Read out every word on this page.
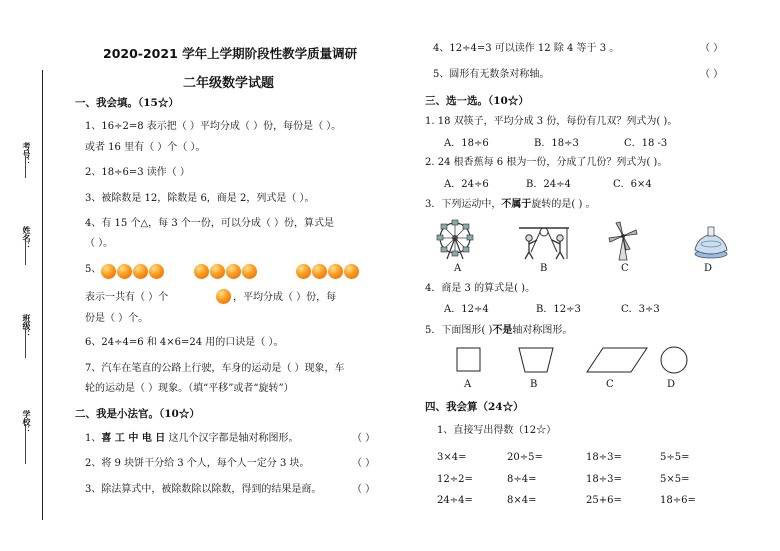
考号：
姓名：
班级：
学校：
2020-2021 学年上学期阶段性教学质量调研
二年级数学试题
一、我会填。（15☆）
1、16÷2=8 表示把（ ）平均分成（ ）份，每份是（ ）。
或者 16 里有（ ）个（ ）。
2、18÷6=3 读作（ ）
3、被除数是 12，除数是 6，商是 2，列式是（ ）。
4、有 15 个△，每 3 个一份，可以分成（ ）份，算式是
（ ）。
5、
表示一共有（ ）个	，平均分成（ ）份，每
份是（ ）个。
6、24÷4=6 和 4×6=24 用的口诀是（ ）。
7、汽车在笔直的公路上行驶，车身的运动是（ ）现象，车
轮的运动是（ ）现象。（填“平移”或者“旋转”）
二、我是小法官。（10☆）
1、喜 工 中 电 日 这几个汉字都是轴对称图形。	（ ）
2、将 9 块饼干分给 3 个人，每个人一定分 3 块。	（ ）
3、除法算式中，被除数除以除数，得到的结果是商。	（ ）
4、12÷4=3 可以读作 12 除 4 等于 3 。	（ ）
5、圆形有无数条对称轴。	（ ）
三、选一选。（10☆）
1. 18 双筷子，平均分成 3 份，每份有几双？列式为( )。
A．18÷6	B．18÷3	C．18 -3
2. 24 根香蕉每 6 根为一份，分成了几份？列式为( )。
A．24÷6	B．24÷4	C．6×4
3．下列运动中，不属于旋转的是( ) 。
A	B	C	D
4．商是 3 的算式是( )。
A．12÷4	B．12÷3	C．3÷3
5．下面图形( )不是轴对称图形。
A	B	C	D
四、我会算（24☆）
1、直接写出得数（12☆）
3×4=	20÷5=	18÷3=	5÷5=
12÷2=	8÷4=	18÷3=	5×5=
24÷4=	8×4=	25+6=	18÷6=
